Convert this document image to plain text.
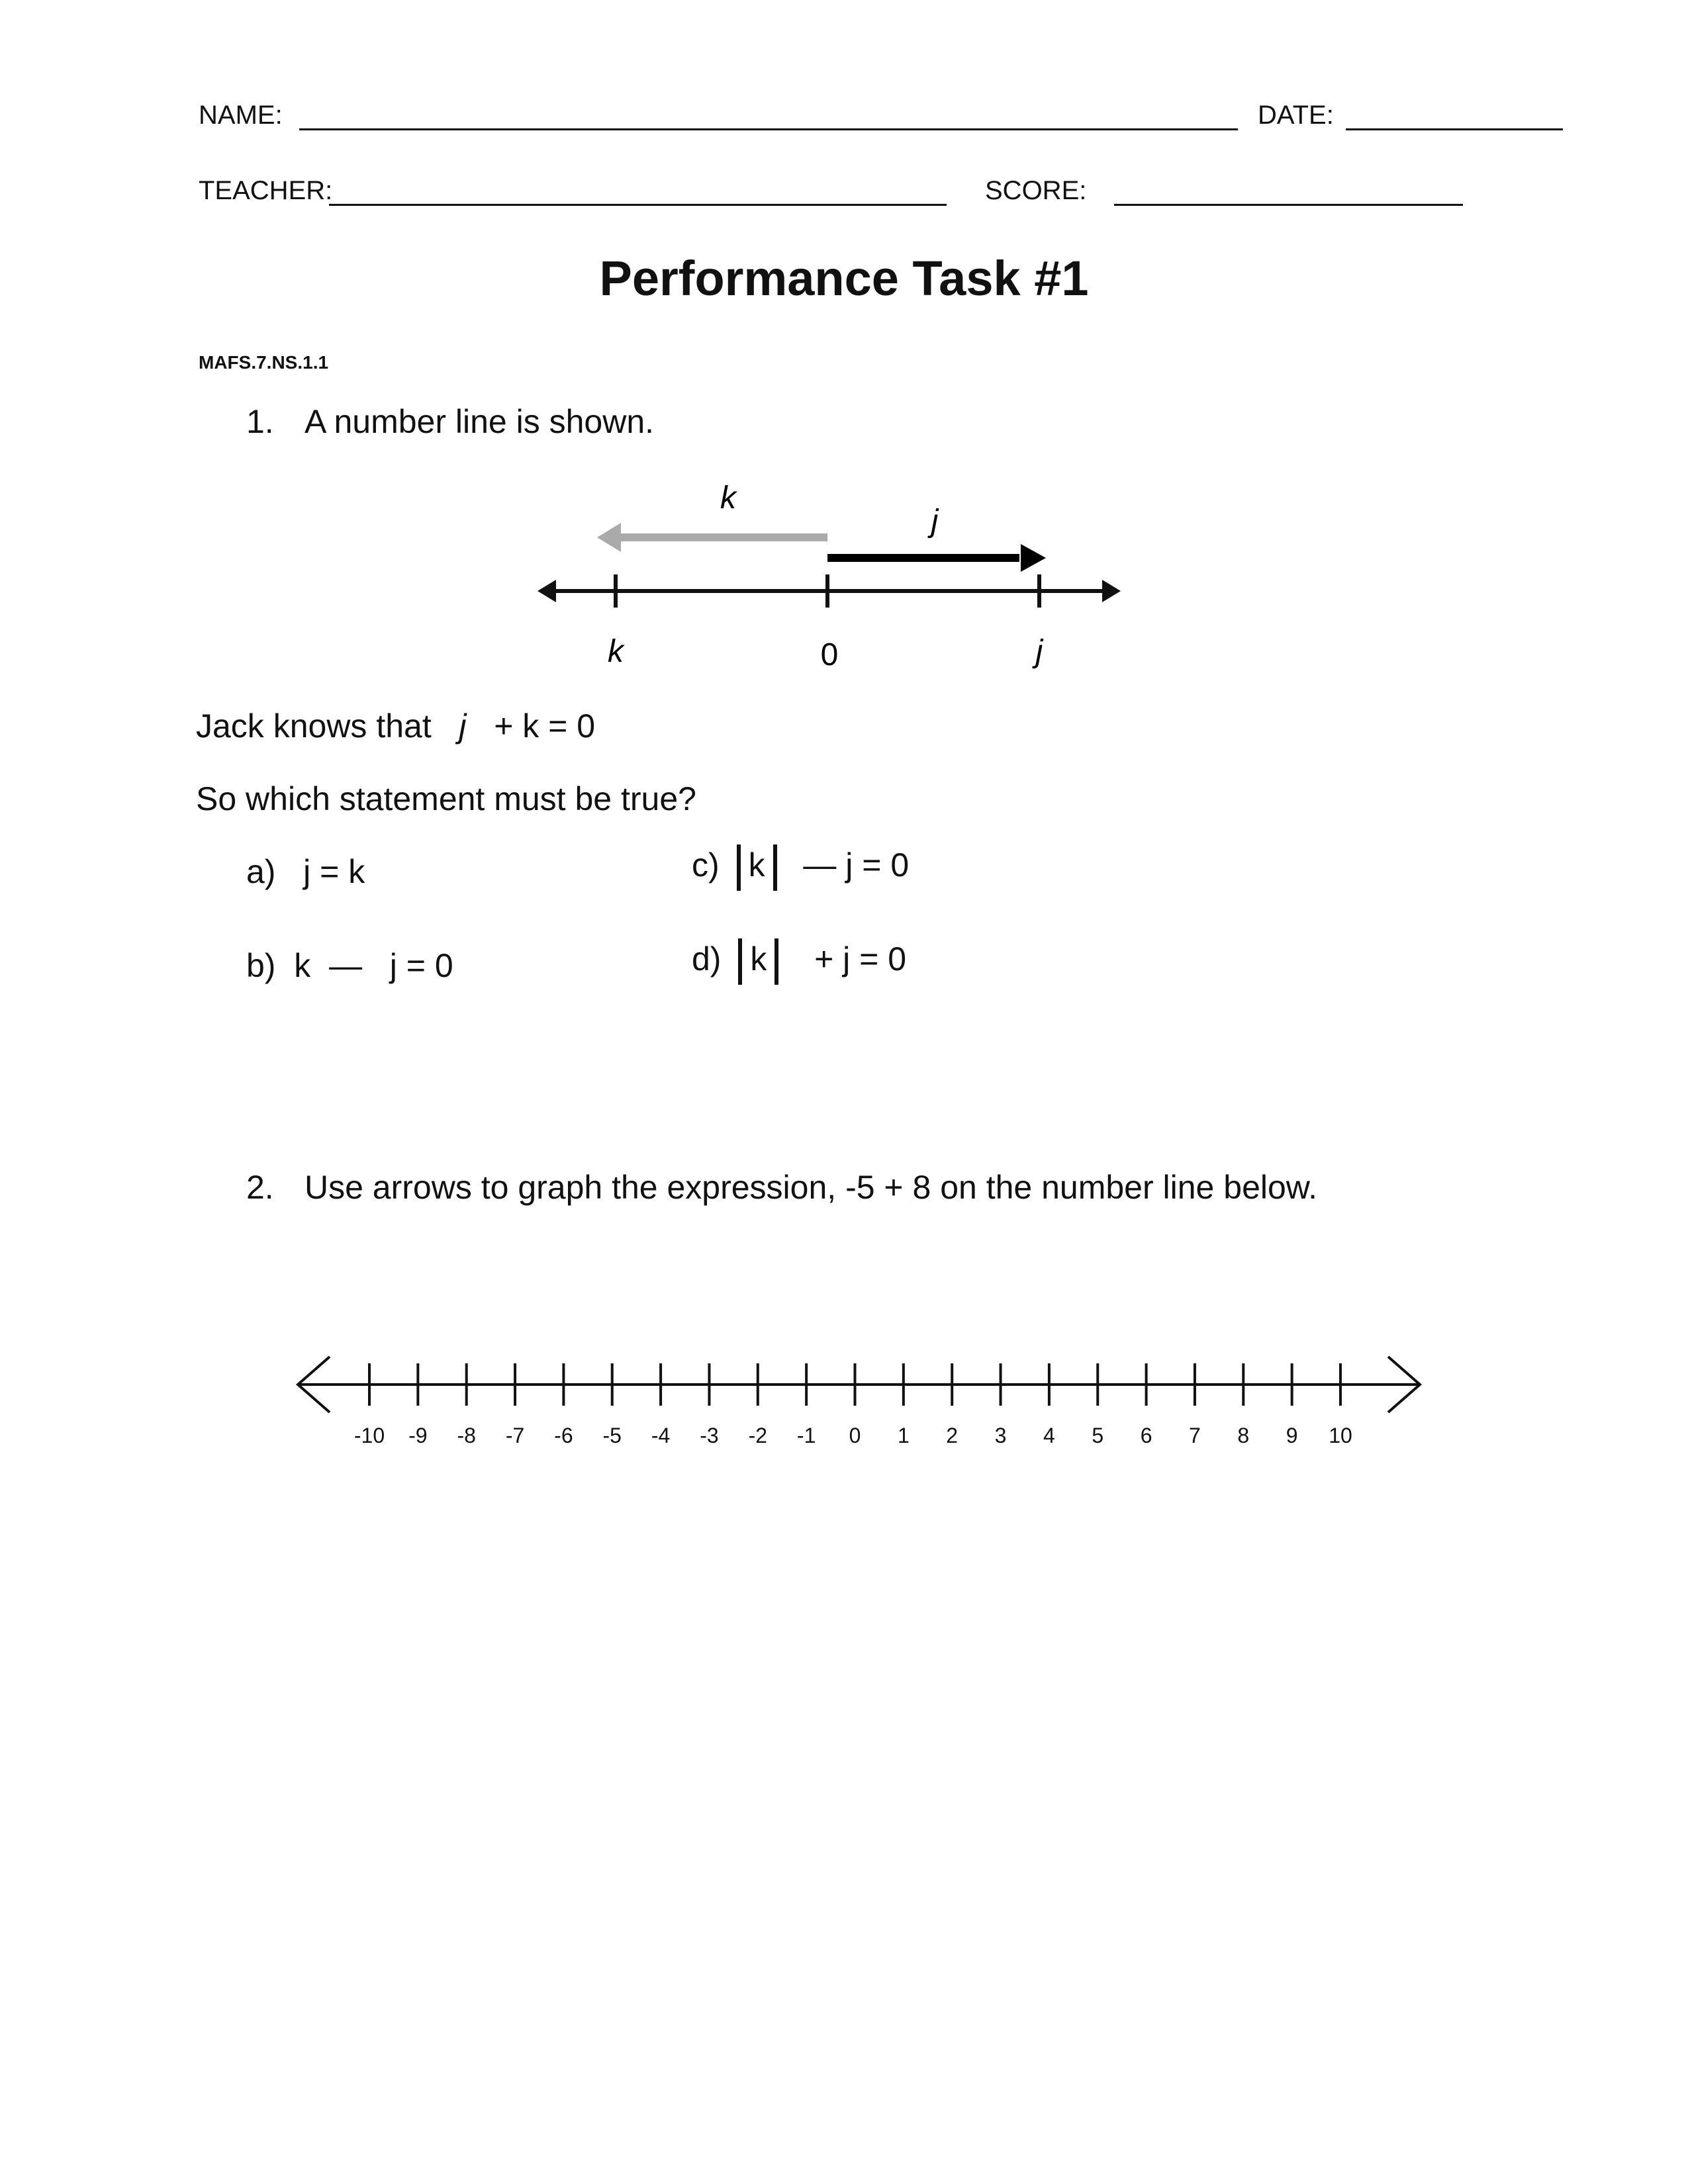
NAME:	DATE:
TEACHER:	SCORE:
Performance Task #1
MAFS.7.NS.1.1
1. A number line is shown.
k
j
k	0	j
Jack knows that j + k = 0
So which statement must be true?
a) j = k
b) k — j = 0
c) k — j = 0
d) k + j = 0
2. Use arrows to graph the expression, -5 + 8 on the number line below.
-10 -9 -8 -7 -6 -5 -4 -3 -2 -1 0 1 2 3 4 5 6 7 8 9 10
